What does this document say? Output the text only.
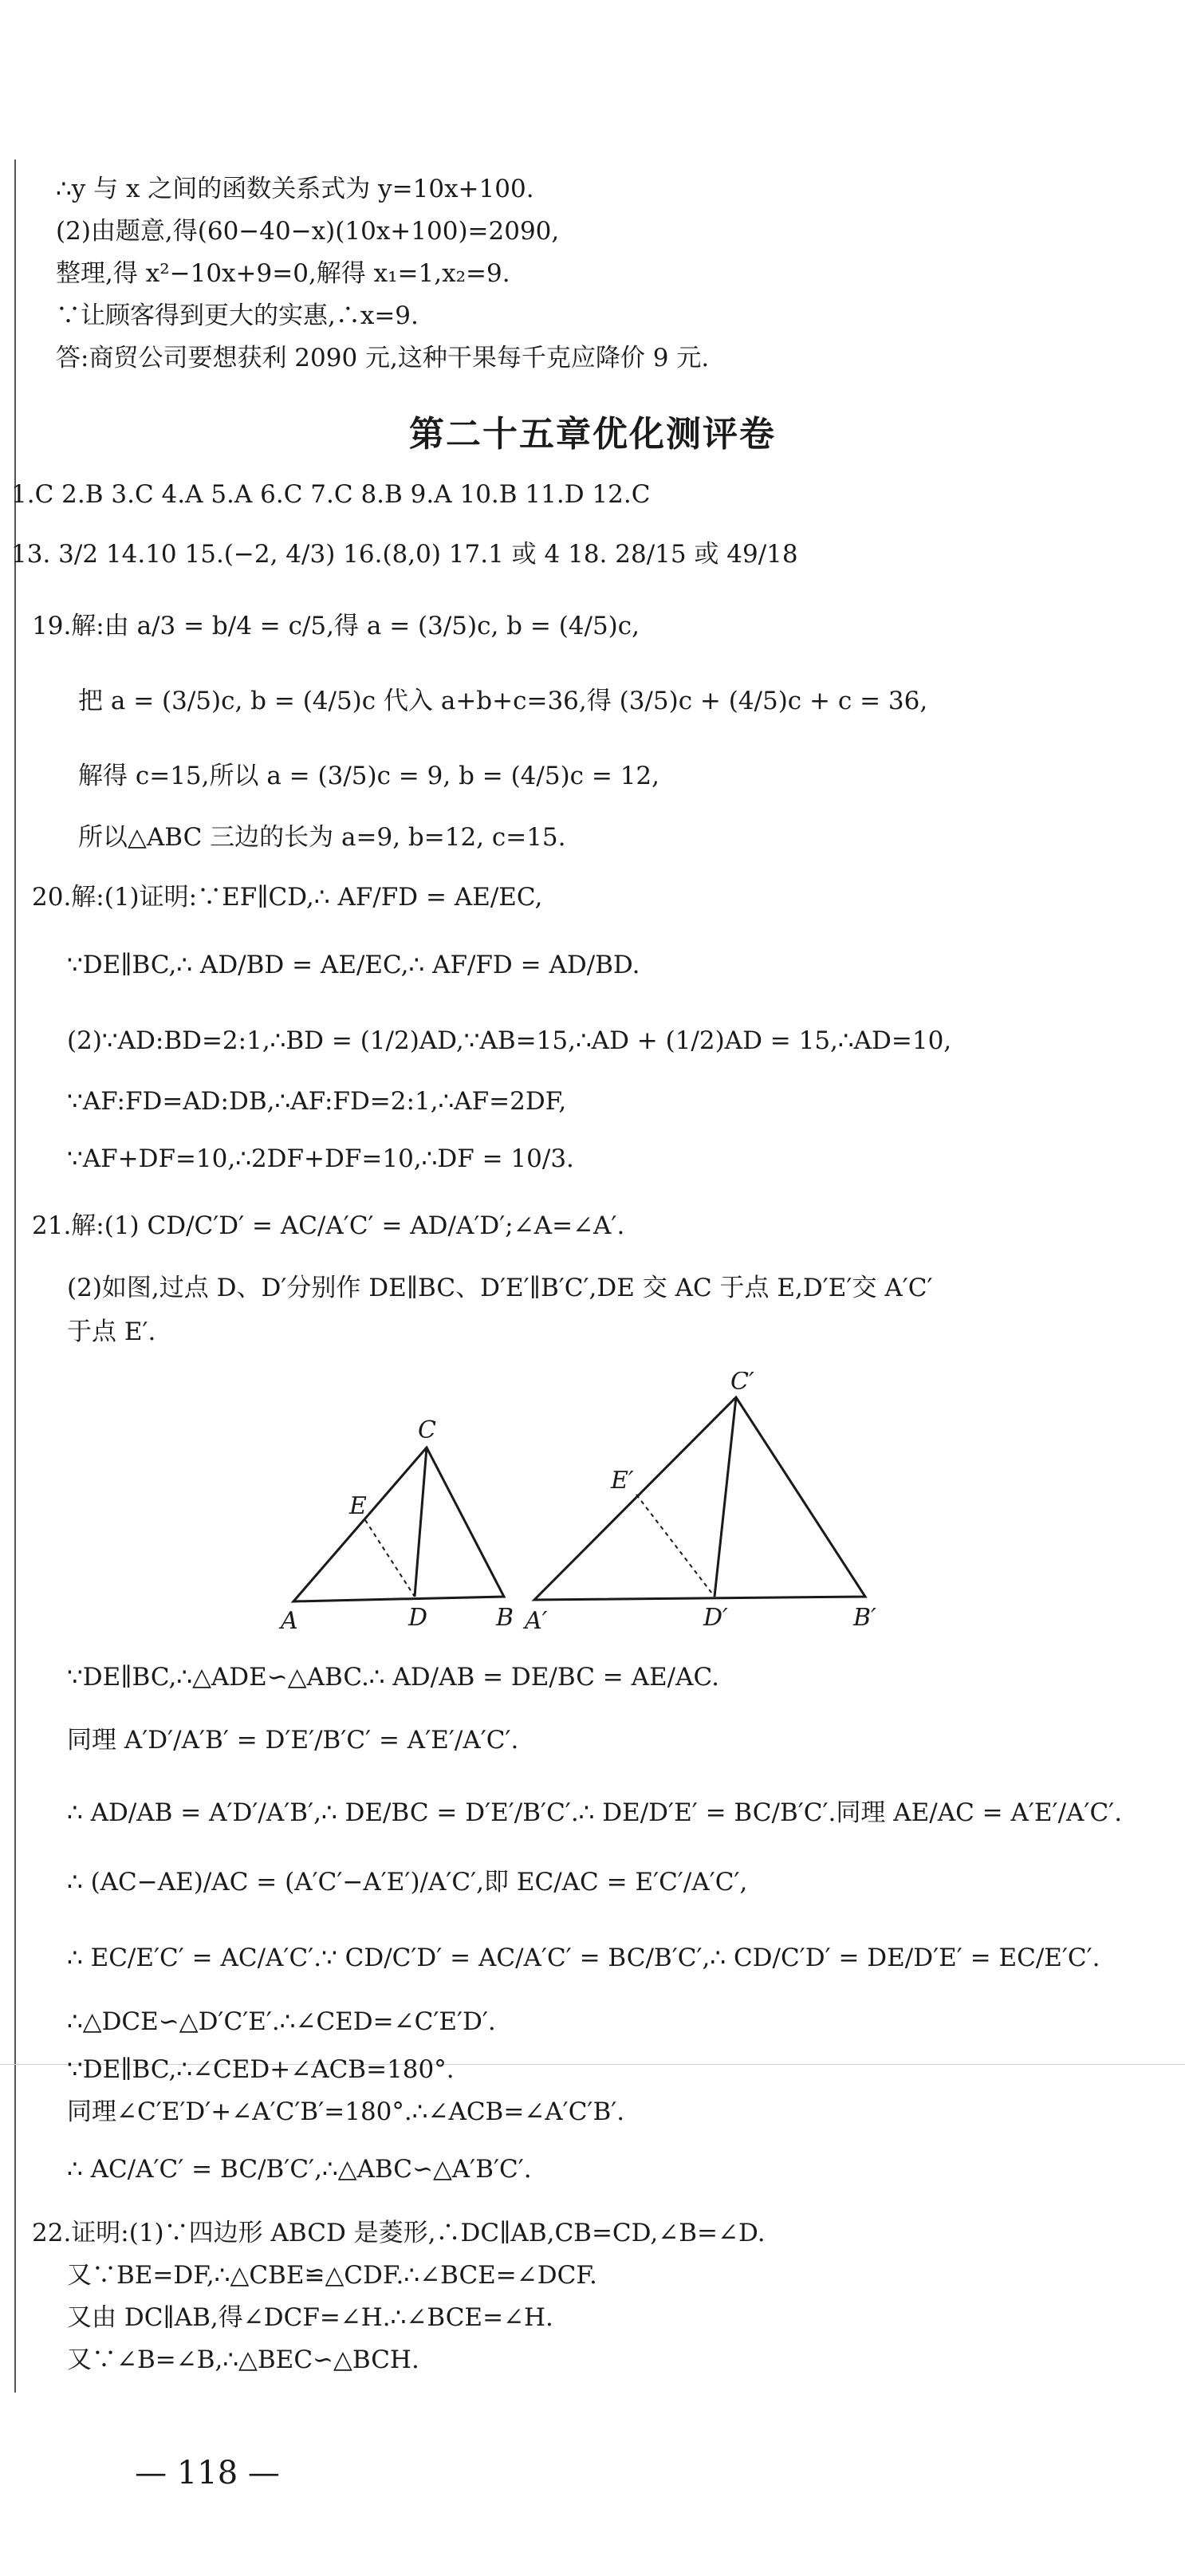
∴y 与 x 之间的函数关系式为 y=10x+100.
(2)由题意,得(60−40−x)(10x+100)=2090,
整理,得 x²−10x+9=0,解得 x₁=1,x₂=9.
∵让顾客得到更大的实惠,∴x=9.
答:商贸公司要想获利 2090 元,这种干果每千克应降价 9 元.
第二十五章优化测评卷
1.C 2.B 3.C 4.A 5.A 6.C 7.C 8.B 9.A 10.B 11.D 12.C
13. 3/2 14.10 15.(−2, 4/3) 16.(8,0) 17.1 或 4 18. 28/15 或 49/18
19.解:由 a/3 = b/4 = c/5,得 a = (3/5)c, b = (4/5)c,
把 a = (3/5)c, b = (4/5)c 代入 a+b+c=36,得 (3/5)c + (4/5)c + c = 36,
解得 c=15,所以 a = (3/5)c = 9, b = (4/5)c = 12,
所以△ABC 三边的长为 a=9, b=12, c=15.
20.解:(1)证明:∵EF∥CD,∴ AF/FD = AE/EC,
∵DE∥BC,∴ AD/BD = AE/EC,∴ AF/FD = AD/BD.
(2)∵AD:BD=2:1,∴BD = (1/2)AD,∵AB=15,∴AD + (1/2)AD = 15,∴AD=10,
∵AF:FD=AD:DB,∴AF:FD=2:1,∴AF=2DF,
∵AF+DF=10,∴2DF+DF=10,∴DF = 10/3.
21.解:(1) CD/C′D′ = AC/A′C′ = AD/A′D′;∠A=∠A′.
(2)如图,过点 D、D′分别作 DE∥BC、D′E′∥B′C′,DE 交 AC 于点 E,D′E′交 A′C′
于点 E′.
C
E
A	D	B
C′
E′
A′	D′	B′
∵DE∥BC,∴△ADE∽△ABC.∴ AD/AB = DE/BC = AE/AC.
同理 A′D′/A′B′ = D′E′/B′C′ = A′E′/A′C′.
∴ AD/AB = A′D′/A′B′,∴ DE/BC = D′E′/B′C′.∴ DE/D′E′ = BC/B′C′.同理 AE/AC = A′E′/A′C′.
∴ (AC−AE)/AC = (A′C′−A′E′)/A′C′,即 EC/AC = E′C′/A′C′,
∴ EC/E′C′ = AC/A′C′.∵ CD/C′D′ = AC/A′C′ = BC/B′C′,∴ CD/C′D′ = DE/D′E′ = EC/E′C′.
∴△DCE∽△D′C′E′.∴∠CED=∠C′E′D′.
∵DE∥BC,∴∠CED+∠ACB=180°.
同理∠C′E′D′+∠A′C′B′=180°.∴∠ACB=∠A′C′B′.
∴ AC/A′C′ = BC/B′C′,∴△ABC∽△A′B′C′.
22.证明:(1)∵四边形 ABCD 是菱形,∴DC∥AB,CB=CD,∠B=∠D.
又∵BE=DF,∴△CBE≌△CDF.∴∠BCE=∠DCF.
又由 DC∥AB,得∠DCF=∠H.∴∠BCE=∠H.
又∵∠B=∠B,∴△BEC∽△BCH.
— 118 —
